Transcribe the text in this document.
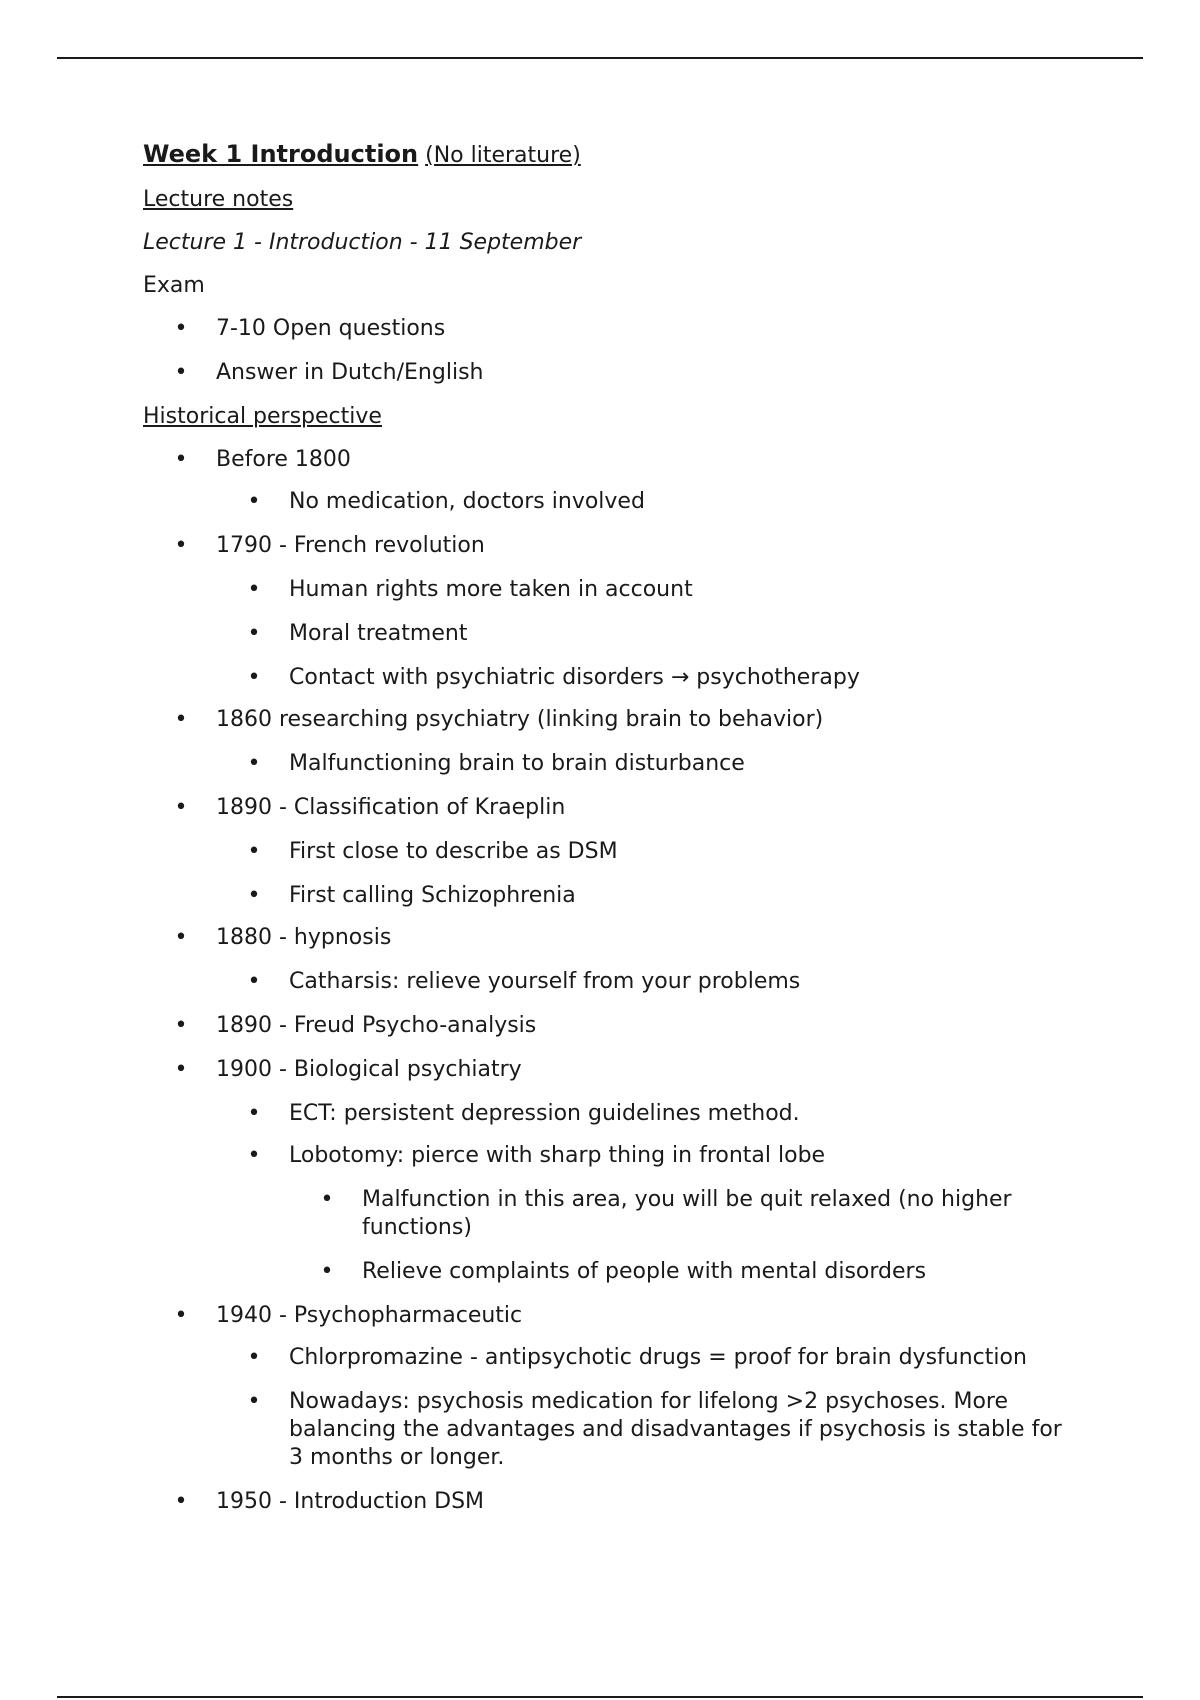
Week 1 Introduction (No literature)

Lecture notes

Lecture 1 - Introduction - 11 September

Exam

• 7-10 Open questions
• Answer in Dutch/English

Historical perspective

• Before 1800
• No medication, doctors involved
• 1790 - French revolution
• Human rights more taken in account
• Moral treatment
• Contact with psychiatric disorders → psychotherapy
• 1860 researching psychiatry (linking brain to behavior)
• Malfunctioning brain to brain disturbance
• 1890 - Classification of Kraeplin
• First close to describe as DSM
• First calling Schizophrenia
• 1880 - hypnosis
• Catharsis: relieve yourself from your problems
• 1890 - Freud Psycho-analysis
• 1900 - Biological psychiatry
• ECT: persistent depression guidelines method.
• Lobotomy: pierce with sharp thing in frontal lobe
• Malfunction in this area, you will be quit relaxed (no higher functions)
• Relieve complaints of people with mental disorders
• 1940 - Psychopharmaceutic
• Chlorpromazine - antipsychotic drugs = proof for brain dysfunction
• Nowadays: psychosis medication for lifelong >2 psychoses. More balancing the advantages and disadvantages if psychosis is stable for 3 months or longer.
• 1950 - Introduction DSM
